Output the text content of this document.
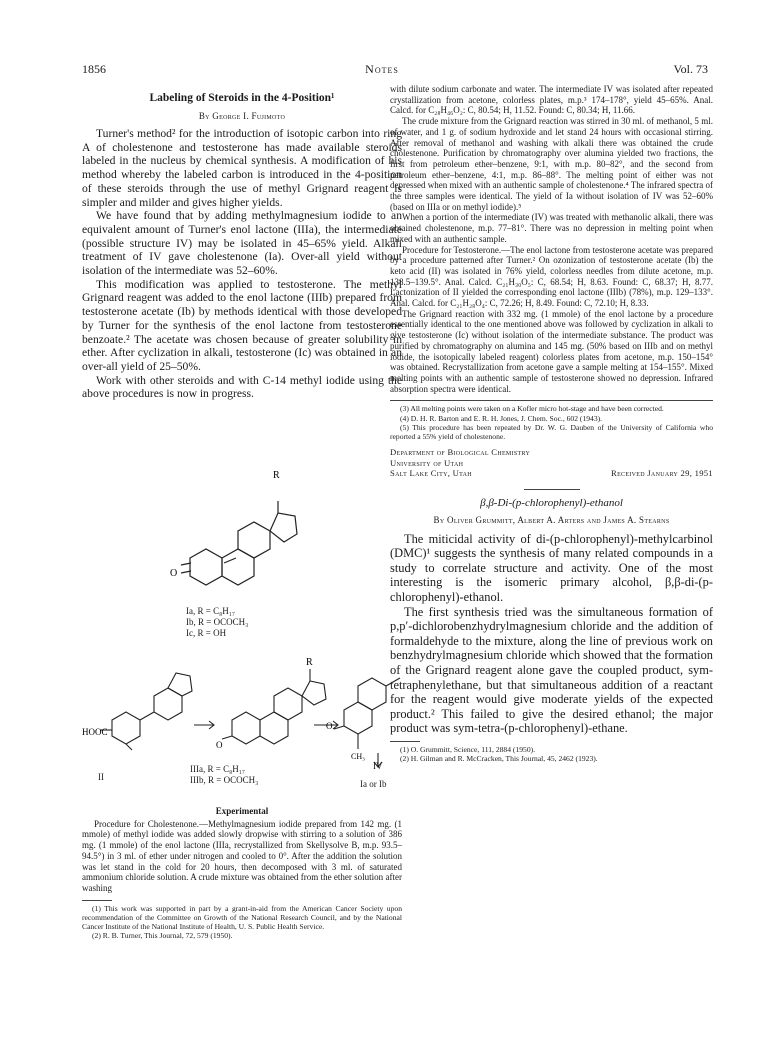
1856	Notes	Vol. 73

Labeling of Steroids in the 4-Position¹

By George I. Fujimoto

Turner's method² for the introduction of isotopic carbon into ring A of cholestenone and testosterone has made available steroids labeled in the nucleus by chemical synthesis. A modification of his method whereby the labeled carbon is introduced in the 4-position of these steroids through the use of methyl Grignard reagent is simpler and milder and gives higher yields.

We have found that by adding methylmagnesium iodide to an equivalent amount of Turner's enol lactone (IIIa), the intermediate (possible structure IV) may be isolated in 45–65% yield. Alkali treatment of IV gave cholestenone (Ia). Over-all yield without isolation of the intermediate was 52–60%.

This modification was applied to testosterone. The methyl Grignard reagent was added to the enol lactone (IIIb) prepared from testosterone acetate (Ib) by methods identical with those developed by Turner for the synthesis of the enol lactone from testosterone benzoate.² The acetate was chosen because of greater solubility in ether. After cyclization in alkali, testosterone (Ic) was obtained in an over-all yield of 25–50%.

Work with other steroids and with C-14 methyl iodide using the above procedures is now in progress.

R
O
Ia, R = C₈H₁₇
Ib, R = OCOCH₃
Ic, R = OH
HOOC
O
O
R
CH₃
II
IIIa, R = C₈H₁₇
IIIb, R = OCOCH₃
IV
Ia or Ib

Experimental

Procedure for Cholestenone.—Methylmagnesium iodide prepared from 142 mg. (1 mmole) of methyl iodide was added slowly dropwise with stirring to a solution of 386 mg. (1 mmole) of the enol lactone (IIIa, recrystallized from Skellysolve B, m.p. 93.5–94.5°) in 3 ml. of ether under nitrogen and cooled to 0°. After the addition the solution was let stand in the cold for 20 hours, then decomposed with 3 ml. of saturated ammonium chloride solution. A crude mixture was obtained from the ether solution after washing

(1) This work was supported in part by a grant-in-aid from the American Cancer Society upon recommendation of the Committee on Growth of the National Research Council, and by the National Cancer Institute of the National Institute of Health, U. S. Public Health Service.

(2) R. B. Turner, This Journal, 72, 579 (1950).

with dilute sodium carbonate and water. The intermediate IV was isolated after repeated crystallization from acetone, colorless plates, m.p.³ 174–178°, yield 45–65%. Anal. Calcd. for C₂₈H₄₆O₂: C, 80.54; H, 11.52. Found: C, 80.34; H, 11.66.

The crude mixture from the Grignard reaction was stirred in 30 ml. of methanol, 5 ml. of water, and 1 g. of sodium hydroxide and let stand 24 hours with occasional stirring. After removal of methanol and washing with alkali there was obtained the crude cholestenone. Purification by chromatography over alumina yielded two fractions, the first from petroleum ether–benzene, 9:1, with m.p. 80–82°, and the second from petroleum ether–benzene, 4:1, m.p. 86–88°. The melting point of either was not depressed when mixed with an authentic sample of cholestenone.⁴ The infrared spectra of the three samples were identical. The yield of Ia without isolation of IV was 52–60% (based on IIIa or on methyl iodide).⁵

When a portion of the intermediate (IV) was treated with methanolic alkali, there was obtained cholestenone, m.p. 77–81°. There was no depression in melting point when mixed with an authentic sample.

Procedure for Testosterone.—The enol lactone from testosterone acetate was prepared by a procedure patterned after Turner.² On ozonization of testosterone acetate (Ib) the keto acid (II) was isolated in 76% yield, colorless needles from dilute acetone, m.p. 138.5–139.5°. Anal. Calcd. C₂₁H₃₀O₅: C, 68.54; H, 8.63. Found: C, 68.37; H, 8.77. Lactonization of II yielded the corresponding enol lactone (IIIb) (78%), m.p. 129–133°. Anal. Calcd. for C₂₁H₂₈O₄: C, 72.26; H, 8.49. Found: C, 72.10; H, 8.33.

The Grignard reaction with 332 mg. (1 mmole) of the enol lactone by a procedure essentially identical to the one mentioned above was followed by cyclization in alkali to give testosterone (Ic) without isolation of the intermediate substance. The product was purified by chromatography on alumina and 145 mg. (50% based on IIIb and on methyl iodide, the isotopically labeled reagent) colorless plates from acetone, m.p. 150–154° was obtained. Recrystallization from acetone gave a sample melting at 154–155°. Mixed melting points with an authentic sample of testosterone showed no depression. Infrared absorption spectra were identical.

(3) All melting points were taken on a Kofler micro hot-stage and have been corrected.

(4) D. H. R. Barton and E. R. H. Jones, J. Chem. Soc., 602 (1943).

(5) This procedure has been repeated by Dr. W. G. Dauben of the University of California who reported a 55% yield of cholestenone.

Department of Biological Chemistry
University of Utah
Salt Lake City, Utah	Received January 29, 1951

β,β-Di-(p-chlorophenyl)-ethanol

By Oliver Grummitt, Albert A. Arters and James A. Stearns

The miticidal activity of di-(p-chlorophenyl)-methylcarbinol (DMC)¹ suggests the synthesis of many related compounds in a study to correlate structure and activity. One of the most interesting is the isomeric primary alcohol, β,β-di-(p-chlorophenyl)-ethanol.

The first synthesis tried was the simultaneous formation of p,p′-dichlorobenzhydrylmagnesium chloride and the addition of formaldehyde to the mixture, along the line of previous work on benzhydrylmagnesium chloride which showed that the formation of the Grignard reagent alone gave the coupled product, sym-tetraphenylethane, but that simultaneous addition of a reactant for the reagent would give moderate yields of the expected product.² This failed to give the desired ethanol; the major product was sym-tetra-(p-chlorophenyl)-ethane.

(1) O. Grummitt, Science, 111, 2884 (1950).

(2) H. Gilman and R. McCracken, This Journal, 45, 2462 (1923).
